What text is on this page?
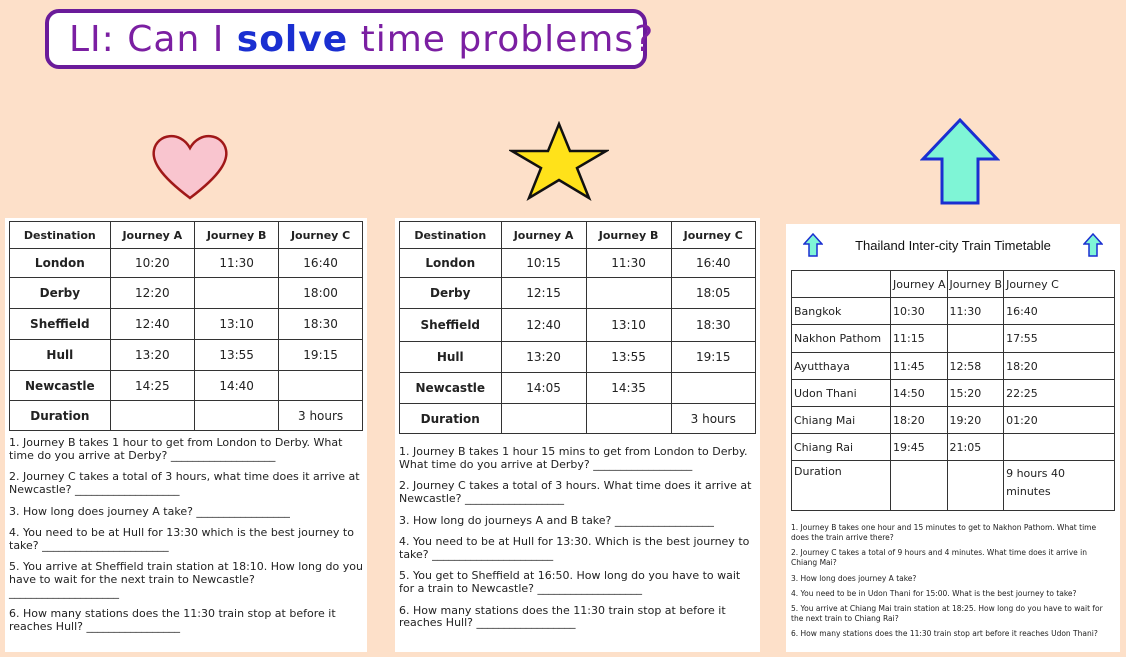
LI: Can I solve time problems?
Destination	Journey A	Journey B	Journey C
London	10:20	11:30	16:40
Derby	12:20		18:00
Sheffield	12:40	13:10	18:30
Hull	13:20	13:55	19:15
Newcastle	14:25	14:40	
Duration			3 hours

1. Journey B takes 1 hour to get from London to Derby. What time do you arrive at Derby? ___________________

2. Journey C takes a total of 3 hours, what time does it arrive at Newcastle? ___________________

3. How long does journey A take? _________________

4. You need to be at Hull for 13:30 which is the best journey to take? _______________________

5. You arrive at Sheffield train station at 18:10. How long do you have to wait for the next train to Newcastle? ____________________

6. How many stations does the 11:30 train stop at before it reaches Hull? _________________

Destination	Journey A	Journey B	Journey C
London	10:15	11:30	16:40
Derby	12:15		18:05
Sheffield	12:40	13:10	18:30
Hull	13:20	13:55	19:15
Newcastle	14:05	14:35	
Duration			3 hours

1. Journey B takes 1 hour 15 mins to get from London to Derby. What time do you arrive at Derby? __________________

2. Journey C takes a total of 3 hours. What time does it arrive at Newcastle? __________________

3. How long do journeys A and B take? __________________

4. You need to be at Hull for 13:30. Which is the best journey to take? ______________________

5. You get to Sheffield at 16:50. How long do you have to wait for a train to Newcastle? ___________________

6. How many stations does the 11:30 train stop at before it reaches Hull? __________________

Thailand Inter-city Train Timetable
	Journey A	Journey B	Journey C
Bangkok	10:30	11:30	16:40
Nakhon Pathom	11:15		17:55
Ayutthaya	11:45	12:58	18:20
Udon Thani	14:50	15:20	22:25
Chiang Mai	18:20	19:20	01:20
Chiang Rai	19:45	21:05	
Duration			9 hours 40 minutes

1. Journey B takes one hour and 15 minutes to get to Nakhon Pathom. What time does the train arrive there?

2. Journey C takes a total of 9 hours and 4 minutes. What time does it arrive in Chiang Mai?

3. How long does journey A take?

4. You need to be in Udon Thani for 15:00. What is the best journey to take?

5. You arrive at Chiang Mai train station at 18:25. How long do you have to wait for the next train to Chiang Rai?

6. How many stations does the 11:30 train stop art before it reaches Udon Thani?
